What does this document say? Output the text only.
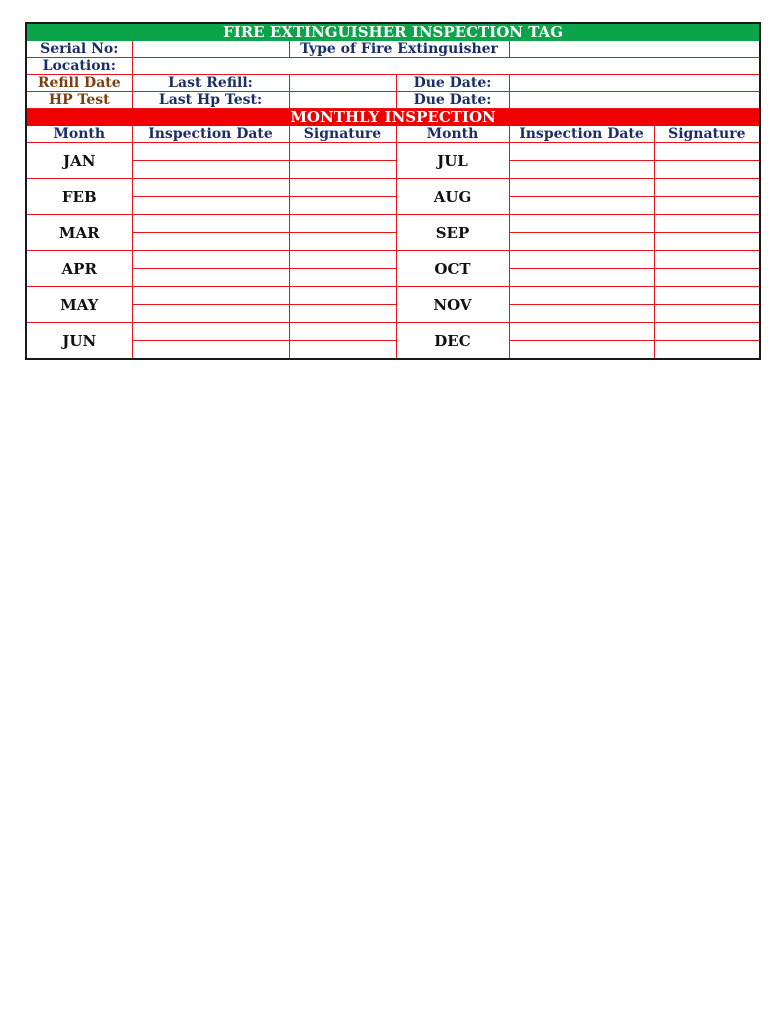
FIRE EXTINGUISHER INSPECTION TAG					
Serial No:		Type of Fire Extinguisher			
Location:					
Refill Date	Last Refill:		Due Date:		
HP Test	Last Hp Test:		Due Date:		
MONTHLY INSPECTION					
Month	Inspection Date	Signature	Month	Inspection Date	Signature
JAN			JUL		

FEB			AUG		

MAR			SEP		

APR			OCT		

MAY			NOV		

JUN			DEC		
